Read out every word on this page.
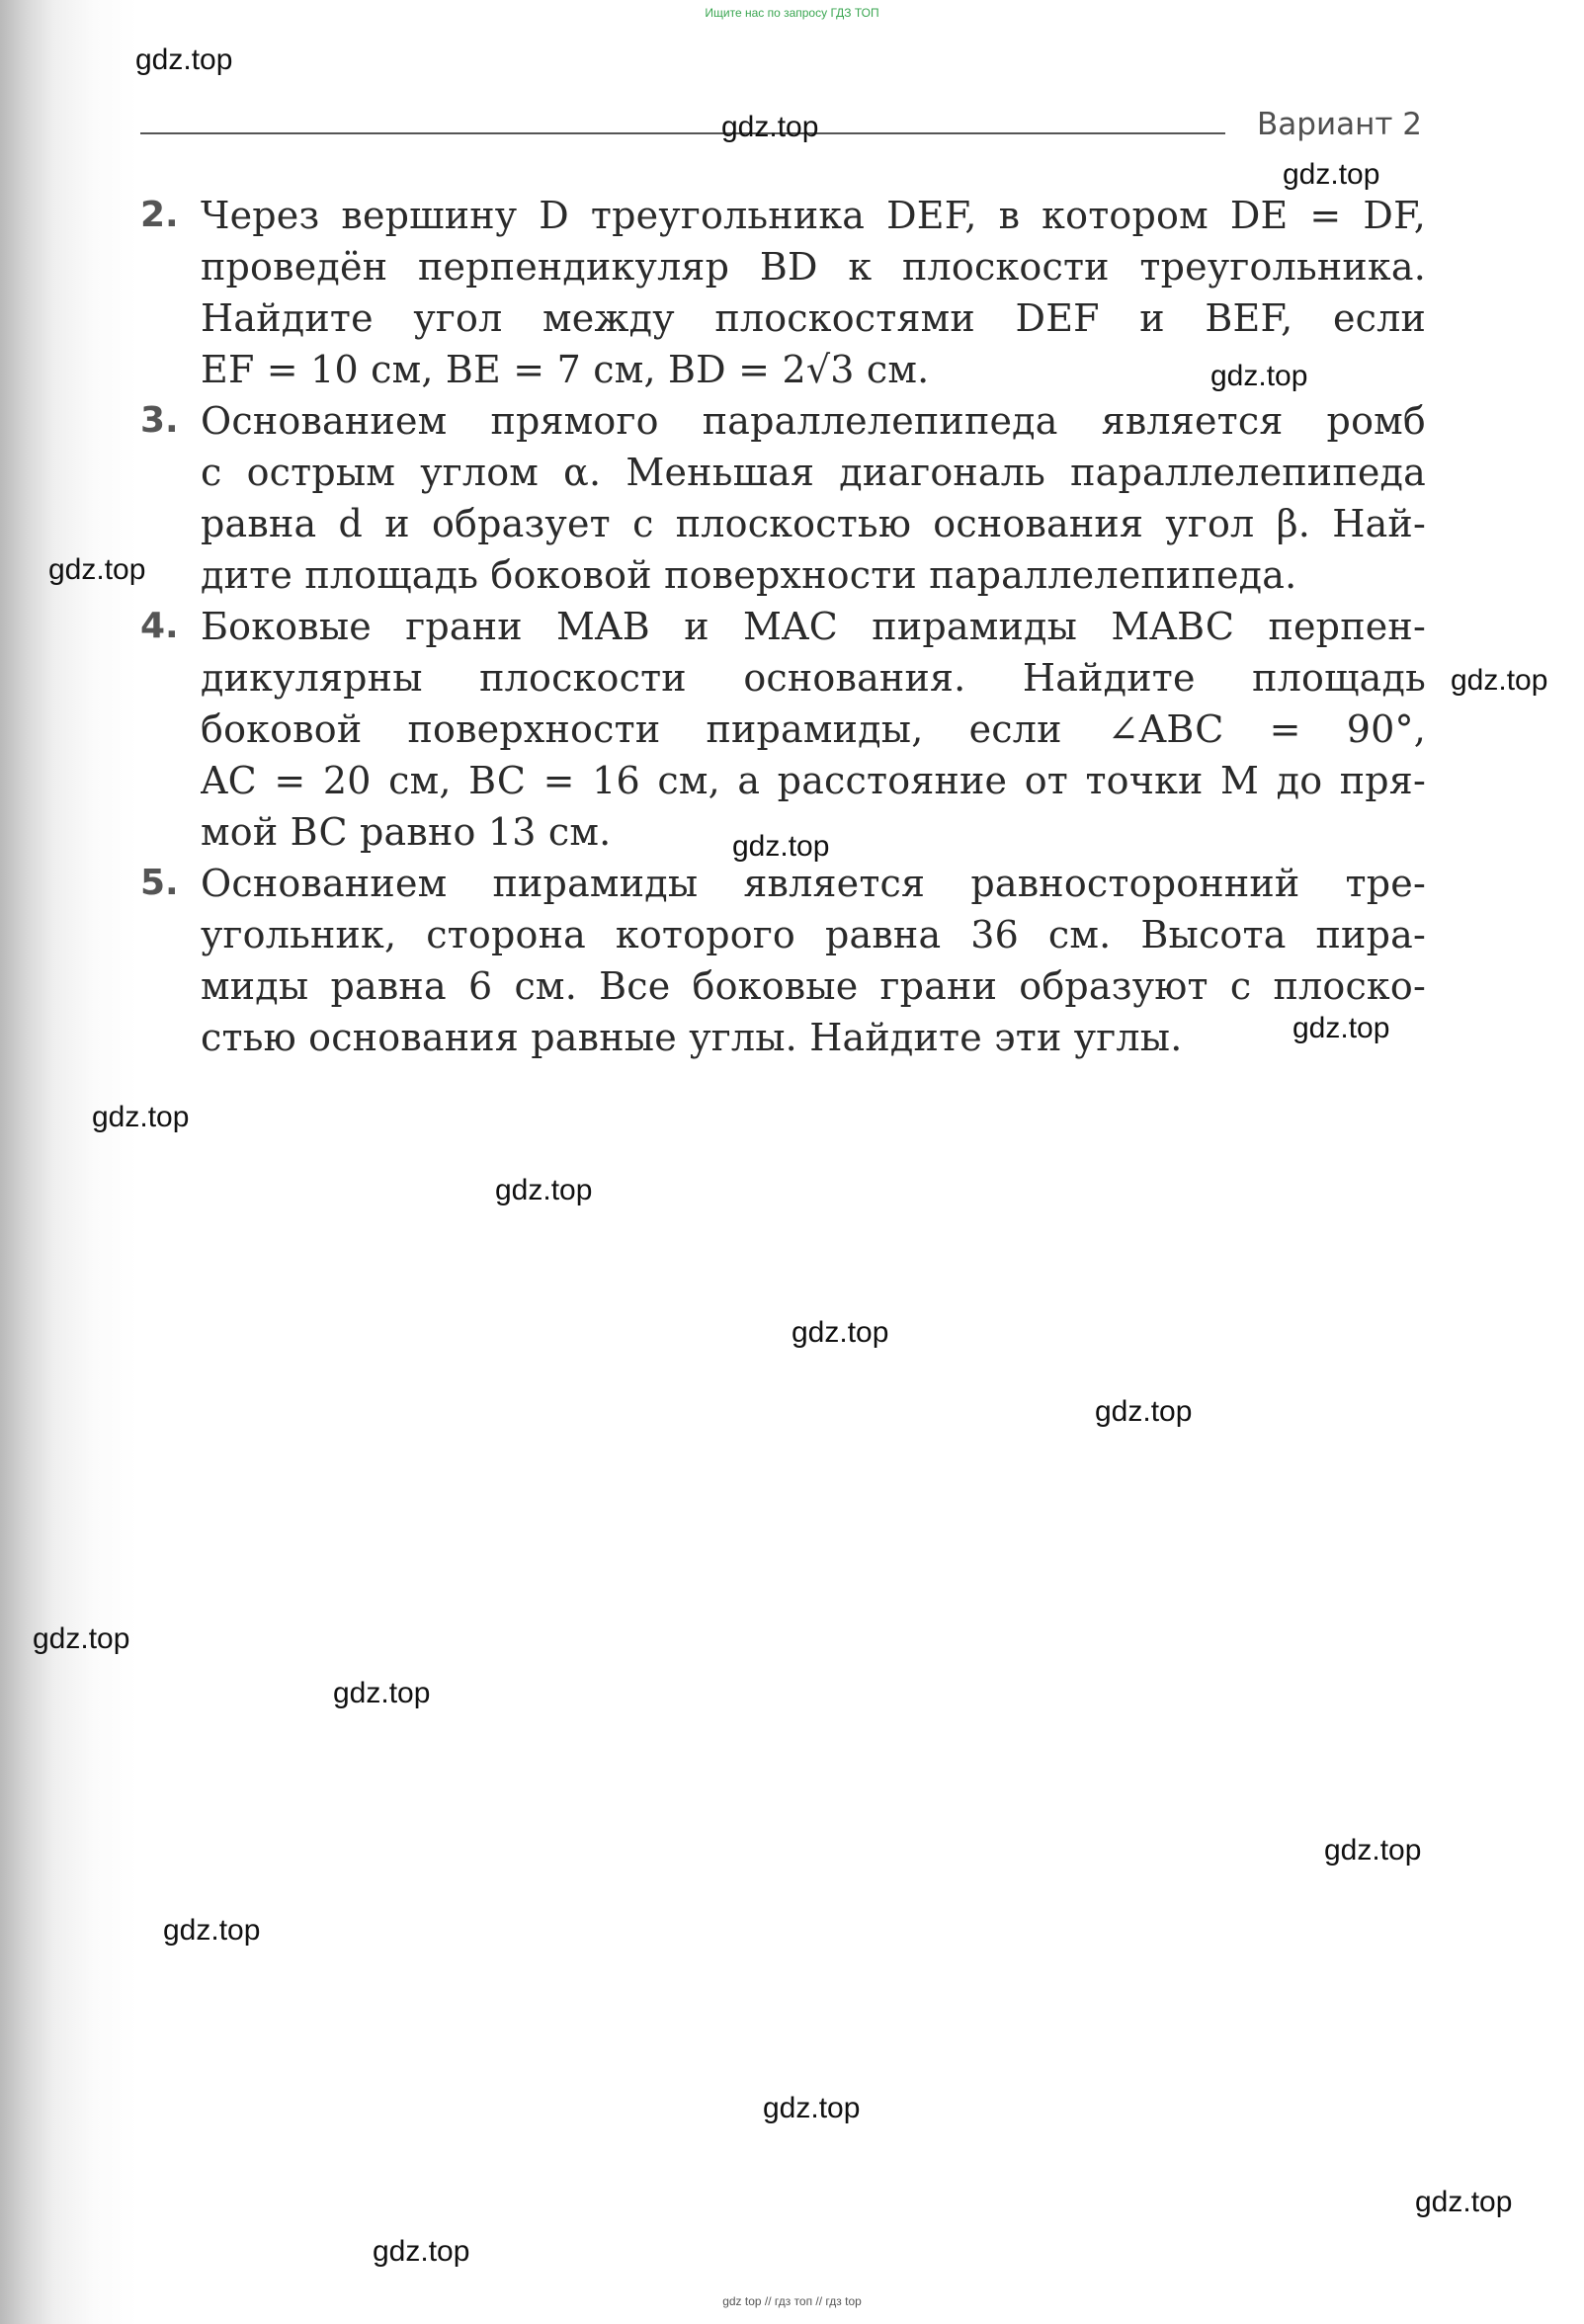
Ищите нас по запросу ГДЗ ТОП
Вариант 2
2. Через вершину D треугольника DEF, в котором DE = DF,
проведён перпендикуляр BD к плоскости треугольника.
Найдите угол между плоскостями DEF и BEF, если
EF = 10 см, BE = 7 см, BD = 2√3 см.
3. Основанием прямого параллелепипеда является ромб
с острым углом α. Меньшая диагональ параллелепипеда
равна d и образует с плоскостью основания угол β. Най-
дите площадь боковой поверхности параллелепипеда.
4. Боковые грани MAB и MAC пирамиды MABC перпен-
дикулярны плоскости основания. Найдите площадь
боковой поверхности пирамиды, если ∠ABC = 90°,
AC = 20 см, BC = 16 см, а расстояние от точки M до пря-
мой BC равно 13 см.
5. Основанием пирамиды является равносторонний тре-
угольник, сторона которого равна 36 см. Высота пира-
миды равна 6 см. Все боковые грани образуют с плоско-
стью основания равные углы. Найдите эти углы.
gdz.top
gdz.top
gdz.top
gdz.top
gdz.top
gdz.top
gdz.top
gdz.top
gdz.top
gdz.top
gdz.top
gdz.top
gdz.top
gdz.top
gdz.top
gdz.top
gdz.top
gdz.top
gdz.top
gdz top // гдз топ // гдз top
